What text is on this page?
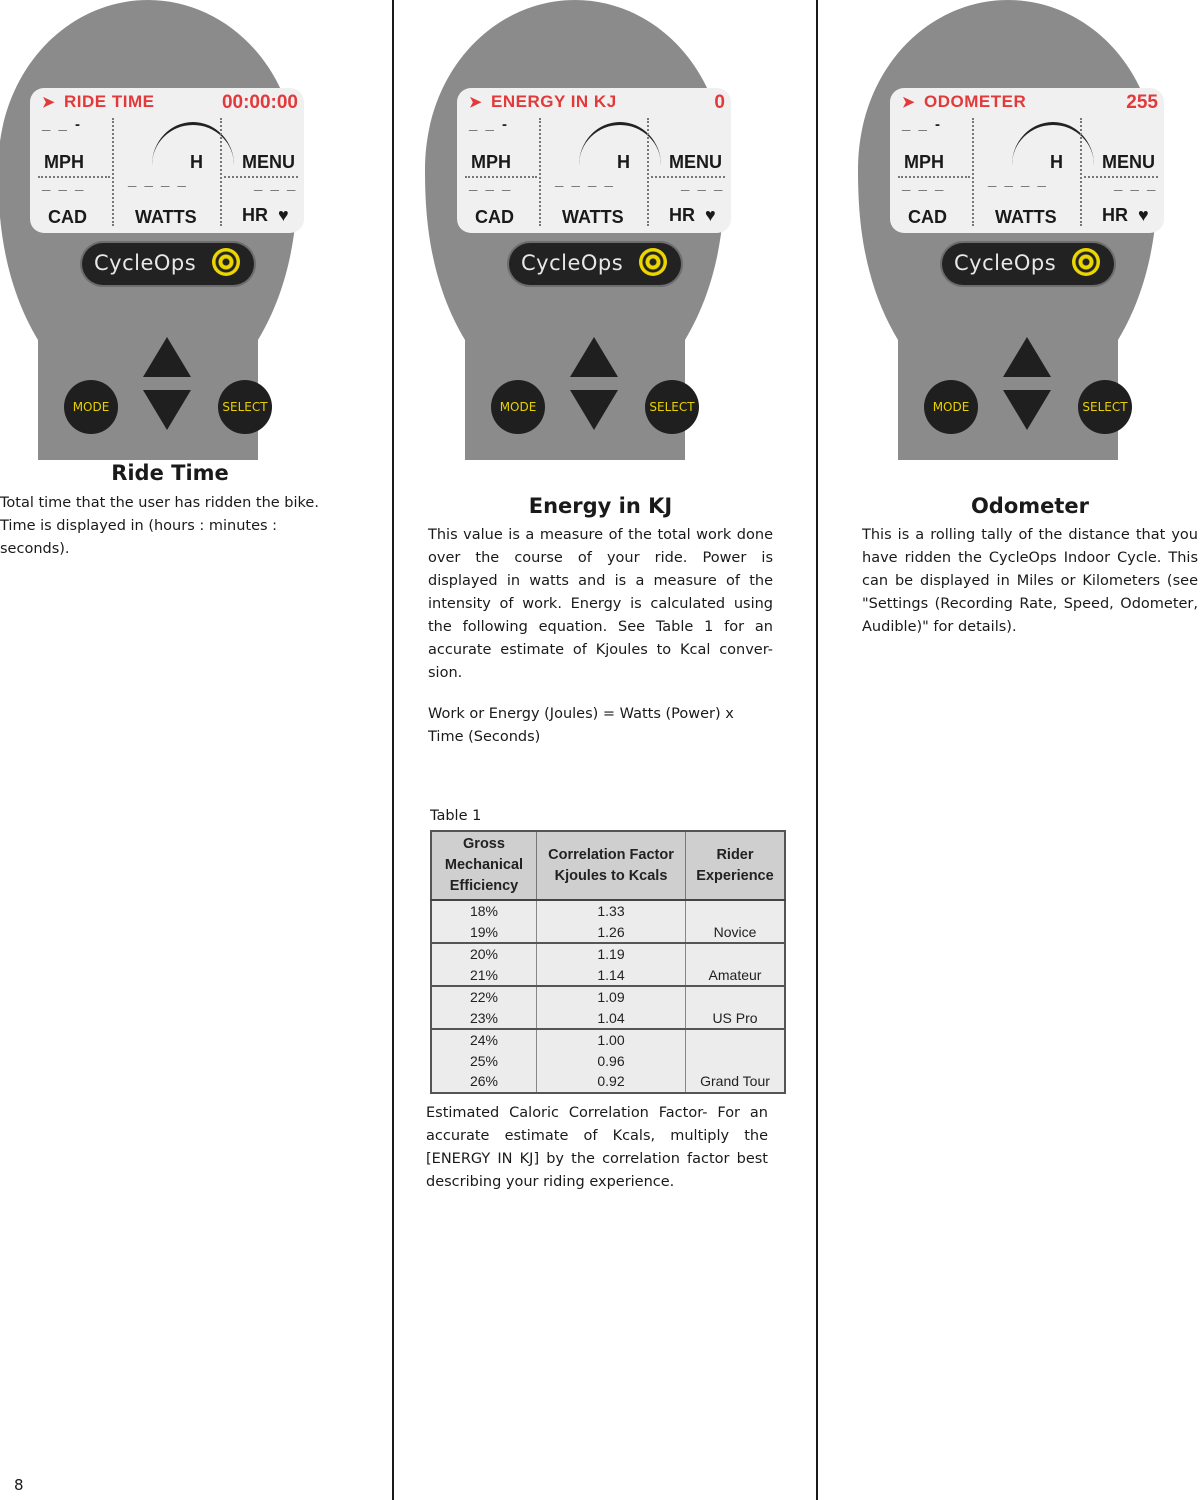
➤ RIDE TIME	00:00:00
_ _ -
MPH
_ _ _
CAD
H
_ _ _ _
WATTS
MENU
_ _ _
HR ♥
CycleOps
MODE	SELECT
➤ ENERGY IN KJ	0
_ _ -
MPH
_ _ _
CAD
H
_ _ _ _
WATTS
MENU
_ _ _
HR ♥
CycleOps
MODE	SELECT
➤ ODOMETER	255
_ _ -
MPH
_ _ _
CAD
H
_ _ _ _
WATTS
MENU
_ _ _
HR ♥
CycleOps
MODE	SELECT
Ride Time
Total time that the user has ridden the bike. Time is displayed in (hours : minutes : seconds).
Energy in KJ
This value is a measure of the total work done over the course of your ride. Power is displayed in watts and is a measure of the intensity of work. Energy is calculated using the following equation. See Table 1 for an accurate estimate of Kjoules to Kcal conver-sion.
Work or Energy (Joules) = Watts (Power) x Time (Seconds)
Table 1
Gross Mechanical Efficiency	Correlation Factor Kjoules to Kcals	Rider Experience
18%	1.33	Novice
19%	1.26	
20%	1.19	Amateur
21%	1.14	
22%	1.09	US Pro
23%	1.04	
24%	1.00	Grand Tour
25%	0.96	
26%	0.92	
Estimated Caloric Correlation Factor- For an accurate estimate of Kcals, multiply the [ENERGY IN KJ] by the correlation factor best describing your riding experience.
Odometer
This is a rolling tally of the distance that you have ridden the CycleOps Indoor Cycle. This can be displayed in Miles or Kilometers (see "Settings (Recording Rate, Speed, Odometer, Audible)" for details).
8
